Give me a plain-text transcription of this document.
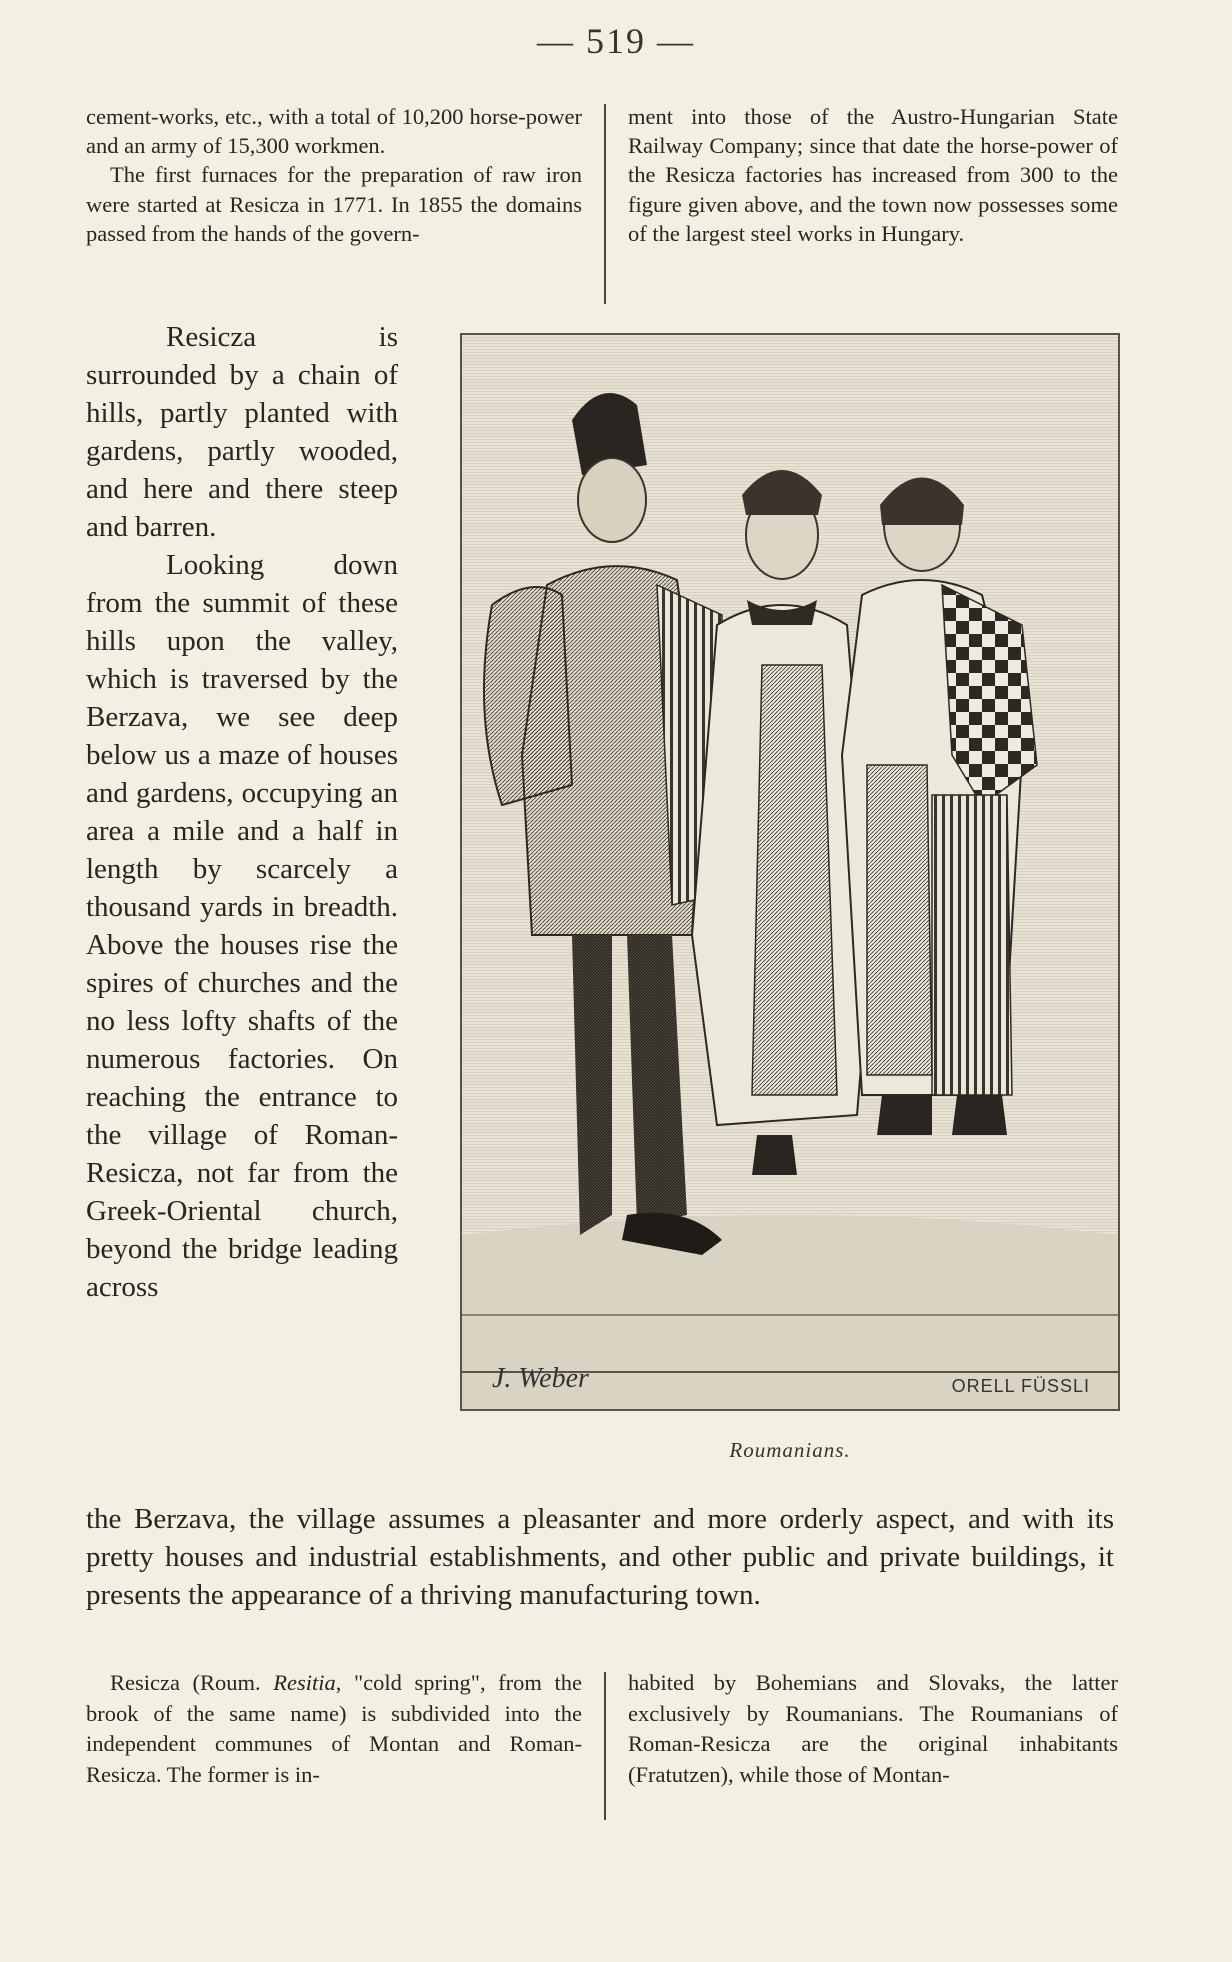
— 519 —

cement-works, etc., with a total of 10,200 horse-power and an army of 15,300 workmen.

The first furnaces for the preparation of raw iron were started at Resicza in 1771. In 1855 the domains passed from the hands of the govern-

ment into those of the Austro-Hungarian State Railway Company; since that date the horse-power of the Resicza factories has increased from 300 to the figure given above, and the town now possesses some of the largest steel works in Hungary.

Resicza is surrounded by a chain of hills, partly planted with gardens, partly wooded, and here and there steep and barren.

Looking down from the summit of these hills upon the valley, which is traversed by the Berzava, we see deep below us a maze of houses and gardens, occupying an area a mile and a half in length by scarcely a thousand yards in breadth. Above the houses rise the spires of churches and the no less lofty shafts of the numerous factories. On reaching the entrance to the village of Roman-Resicza, not far from the Greek-Oriental church, beyond the bridge leading across

J. Weber	ORELL FÜSSLI
Roumanians.
the Berzava, the village assumes a pleasanter and more orderly aspect, and with its pretty houses and industrial establishments, and other public and private buildings, it presents the appearance of a thriving manufacturing town.

Resicza (Roum. Resitia, "cold spring", from the brook of the same name) is subdivided into the independent communes of Montan and Roman-Resicza. The former is in-

habited by Bohemians and Slovaks, the latter exclusively by Roumanians. The Roumanians of Roman-Resicza are the original inhabitants (Fratutzen), while those of Montan-
